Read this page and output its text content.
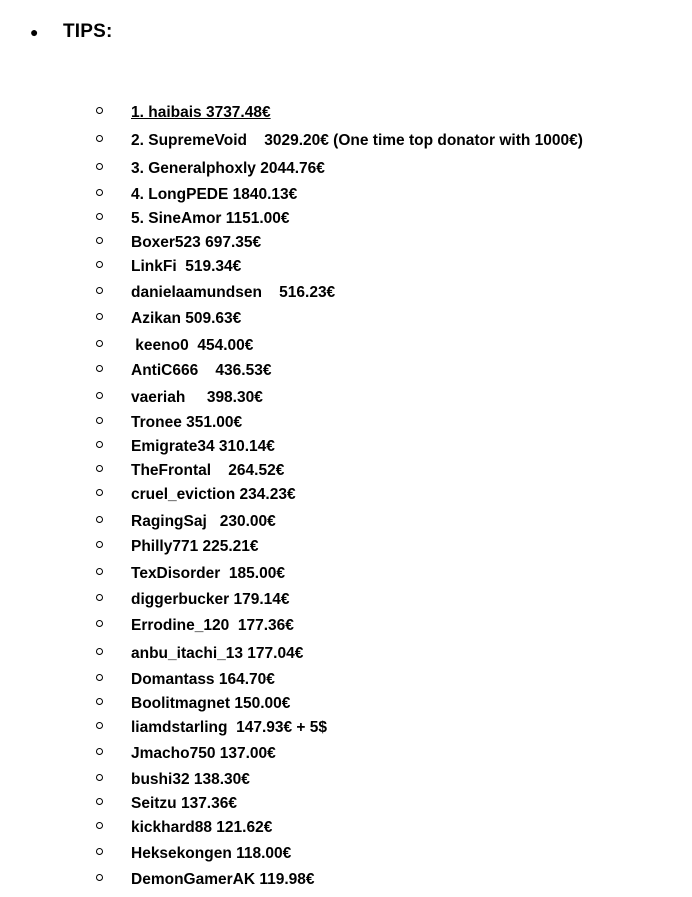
● TIPS:
1. haibais 3737.48€
2. SupremeVoid    3029.20€ (One time top donator with 1000€)
3. Generalphoxly 2044.76€
4. LongPEDE 1840.13€
5. SineAmor 1151.00€
Boxer523 697.35€
LinkFi  519.34€
danielaamundsen    516.23€
Azikan 509.63€
keeno0  454.00€
AntiC666    436.53€
vaeriah     398.30€
Tronee 351.00€
Emigrate34 310.14€
TheFrontal    264.52€
cruel_eviction 234.23€
RagingSaj   230.00€
Philly771 225.21€
TexDisorder  185.00€
diggerbucker 179.14€
Errodine_120  177.36€
anbu_itachi_13 177.04€
Domantass 164.70€
Boolitmagnet 150.00€
liamdstarling  147.93€ + 5$
Jmacho750 137.00€
bushi32 138.30€
Seitzu 137.36€
kickhard88 121.62€
Heksekongen 118.00€
DemonGamerAK 119.98€
